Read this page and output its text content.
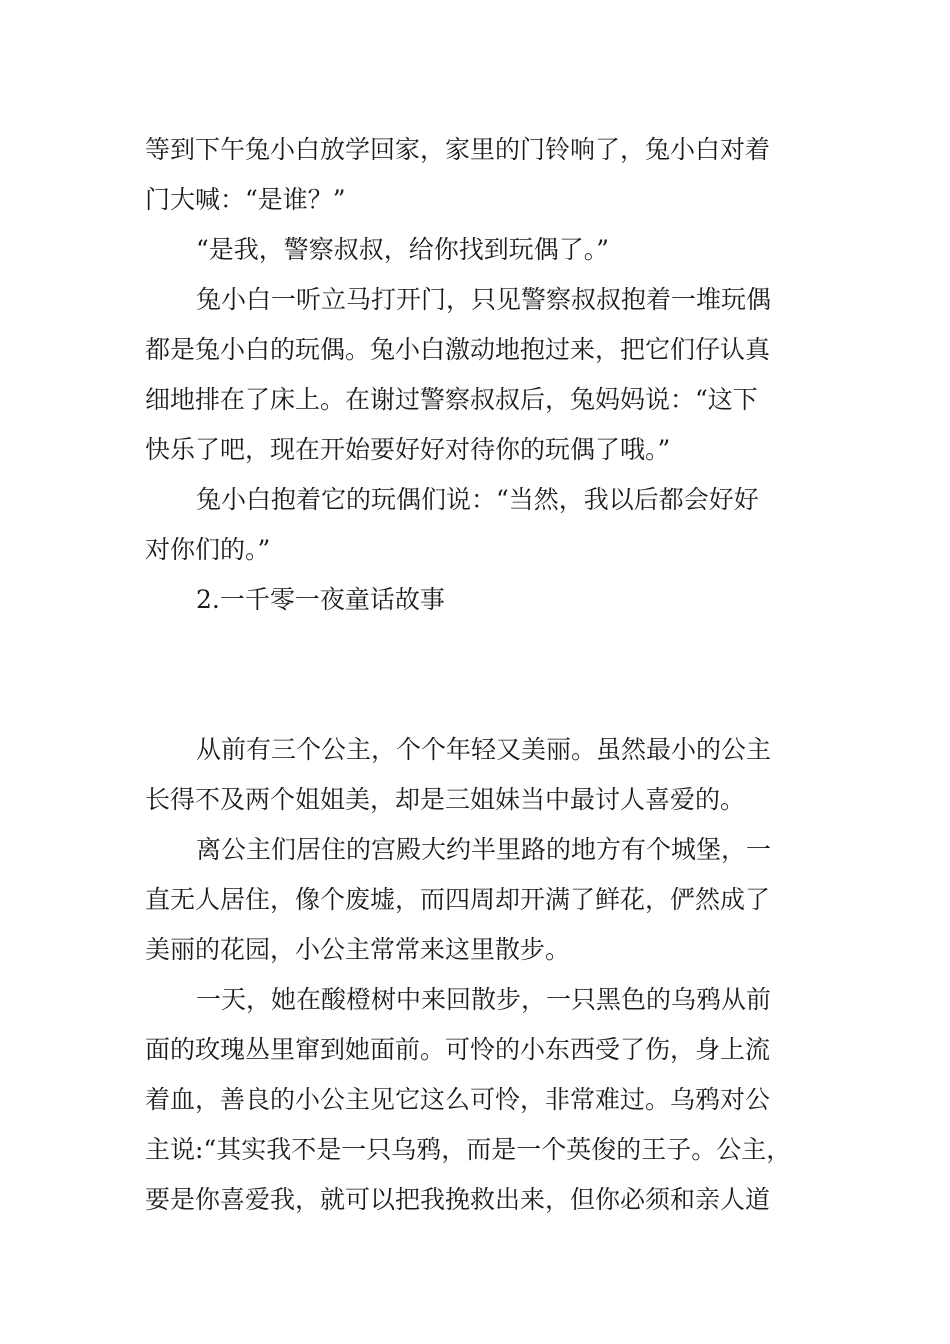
等到下午兔小白放学回家，家里的门铃响了，兔小白对着
门大喊：“是谁？”
“是我，警察叔叔，给你找到玩偶了。”
兔小白一听立马打开门，只见警察叔叔抱着一堆玩偶
都是兔小白的玩偶。兔小白激动地抱过来，把它们仔认真
细地排在了床上。在谢过警察叔叔后，兔妈妈说：“这下
快乐了吧，现在开始要好好对待你的玩偶了哦。”
兔小白抱着它的玩偶们说：“当然，我以后都会好好
对你们的。”
2.一千零一夜童话故事
从前有三个公主，个个年轻又美丽。虽然最小的公主
长得不及两个姐姐美，却是三姐妹当中最讨人喜爱的。
离公主们居住的宫殿大约半里路的地方有个城堡，一
直无人居住，像个废墟，而四周却开满了鲜花，俨然成了
美丽的花园，小公主常常来这里散步。
一天，她在酸橙树中来回散步，一只黑色的乌鸦从前
面的玫瑰丛里窜到她面前。可怜的小东西受了伤，身上流
着血，善良的小公主见它这么可怜，非常难过。乌鸦对公
主说:“其实我不是一只乌鸦，而是一个英俊的王子。公主，
要是你喜爱我，就可以把我挽救出来，但你必须和亲人道
